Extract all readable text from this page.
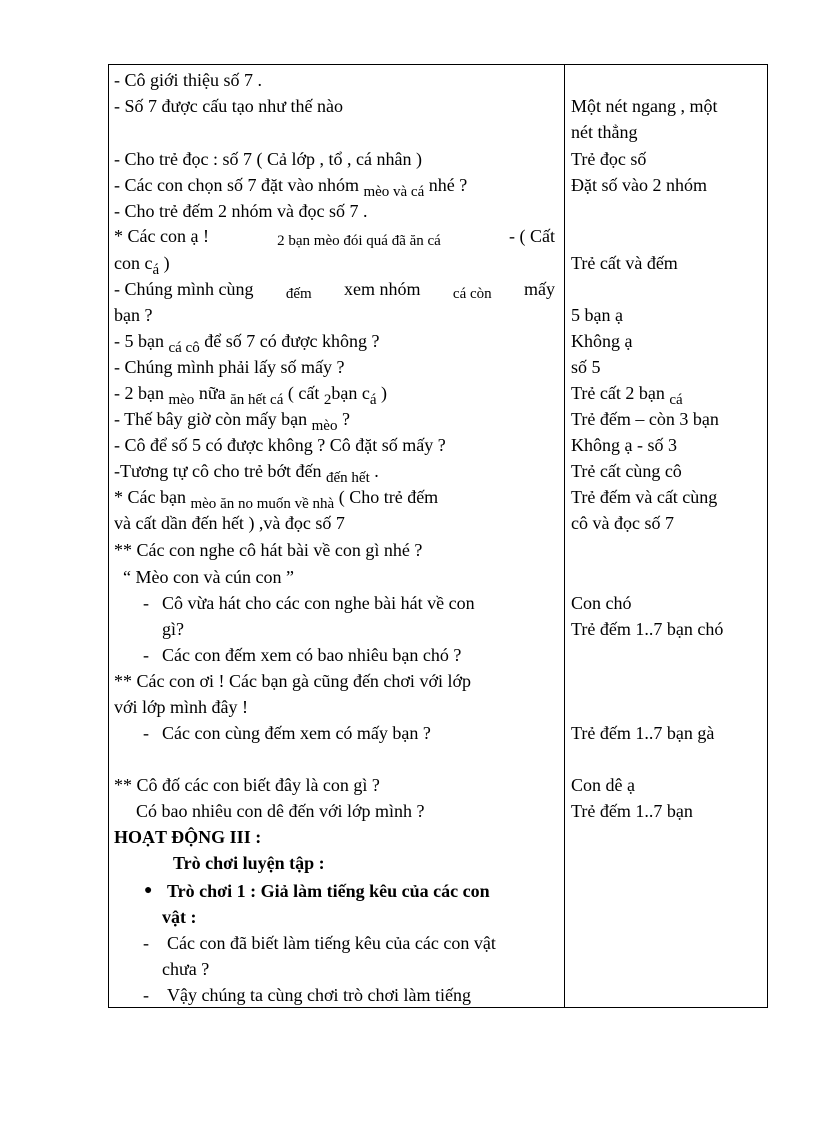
- Cô giới thiệu số 7 .
- Số 7 được cấu tạo như thế nào
- Cho trẻ đọc : số 7 ( Cả lớp , tổ , cá nhân )
- Các con chọn số 7 đặt vào nhóm $_{mèo và cá}$ nhé ?
- Cho trẻ đếm 2 nhóm và đọc số 7 .
* Các con ạ !	2 bạn mèo đói quá đã ăn cá	- ( Cất
con $c_á$ )
- Chúng mình cùng đếm xem nhóm cá còn mấy
bạn ?
- 5 bạn $_{cá cô}$ để số 7 có được không ?
- Chúng mình phải lấy số mấy ?
- 2 bạn $_{mèo}$ nữa $_{ăn hết cá}$ ( cất $_2$bạn $c_á$ )
- Thế bây giờ còn mấy bạn $_{mèo}$ ?
- Cô để số 5 có được không ? Cô đặt số mấy ?
-Tương tự cô cho trẻ bớt đến $_{đến hết}$ .
* Các bạn $_{mèo}$ $_{ăn no muốn về nhà}$ ( Cho trẻ đếm
và cất dần đến hết ) ,và đọc số 7
** Các con nghe cô hát bài về con gì nhé ?
“ Mèo con và cún con ”
- Cô vừa hát cho các con nghe bài hát về con
gì?
- Các con đếm xem có bao nhiêu bạn chó ?
** Các con ơi ! Các bạn gà cũng đến chơi với lớp
với lớp mình đây !
- Các con cùng đếm xem có mấy bạn ?
** Cô đố các con biết đây là con gì ?
Có bao nhiêu con dê đến với lớp mình ?
HOẠT ĐỘNG III :
Trò chơi luyện tập :
● Trò chơi 1 : Giả làm tiếng kêu của các con
vật :
- Các con đã biết làm tiếng kêu của các con vật
chưa ?
- Vậy chúng ta cùng chơi trò chơi làm tiếng
Một nét ngang , một
nét thẳng
Trẻ đọc số
Đặt số vào 2 nhóm
Trẻ cất và đếm
5 bạn ạ
Không ạ
số 5
Trẻ cất 2 bạn $_{cá}$
Trẻ đếm – còn 3 bạn
Không ạ - số 3
Trẻ cất cùng cô
Trẻ đếm và cất cùng
cô và đọc số 7
Con chó
Trẻ đếm 1..7 bạn chó
Trẻ đếm 1..7 bạn gà
Con dê ạ
Trẻ đếm 1..7 bạn
